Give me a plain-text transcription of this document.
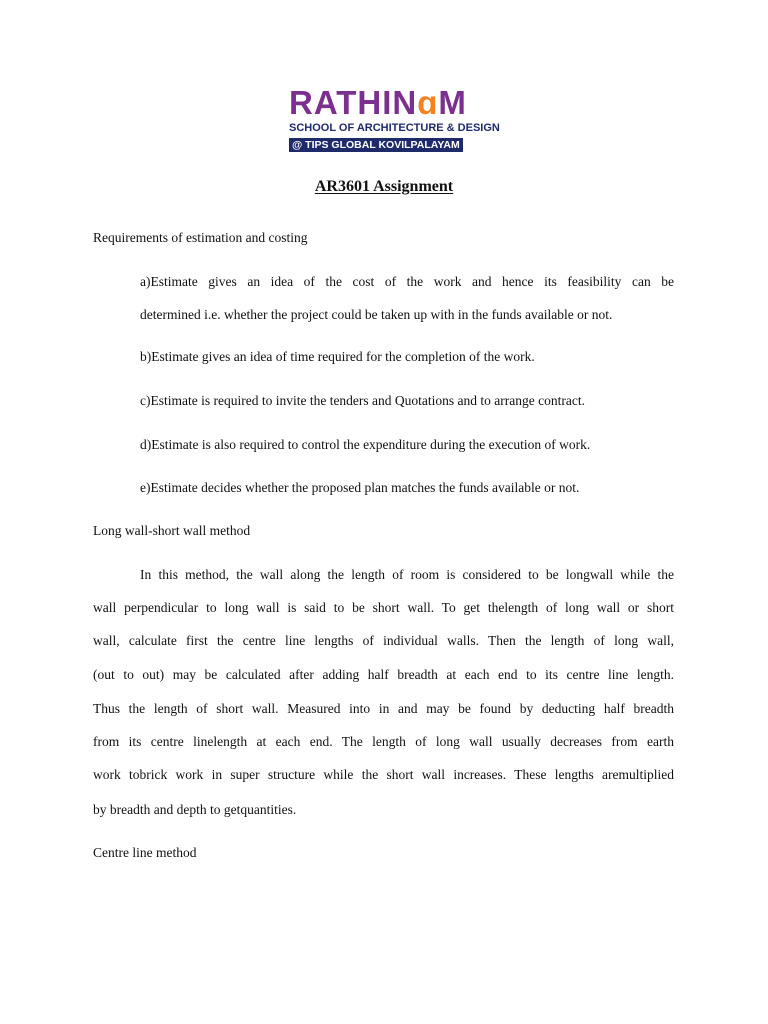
RATHINɑM
SCHOOL OF ARCHITECTURE & DESIGN
@ TIPS GLOBAL KOVILPALAYAM
AR3601 Assignment
Requirements of estimation and costing
a)Estimate gives an idea of the cost of the work and hence its feasibility can be
determined i.e. whether the project could be taken up with in the funds available or not.
b)Estimate gives an idea of time required for the completion of the work.
c)Estimate is required to invite the tenders and Quotations and to arrange contract.
d)Estimate is also required to control the expenditure during the execution of work.
e)Estimate decides whether the proposed plan matches the funds available or not.
Long wall-short wall method
In this method, the wall along the length of room is considered to be longwall while the
wall perpendicular to long wall is said to be short wall. To get thelength of long wall or short
wall, calculate first the centre line lengths of individual walls. Then the length of long wall,
(out to out) may be calculated after adding half breadth at each end to its centre line length.
Thus the length of short wall. Measured into in and may be found by deducting half breadth
from its centre linelength at each end. The length of long wall usually decreases from earth
work tobrick work in super structure while the short wall increases. These lengths aremultiplied
by breadth and depth to getquantities.
Centre line method
